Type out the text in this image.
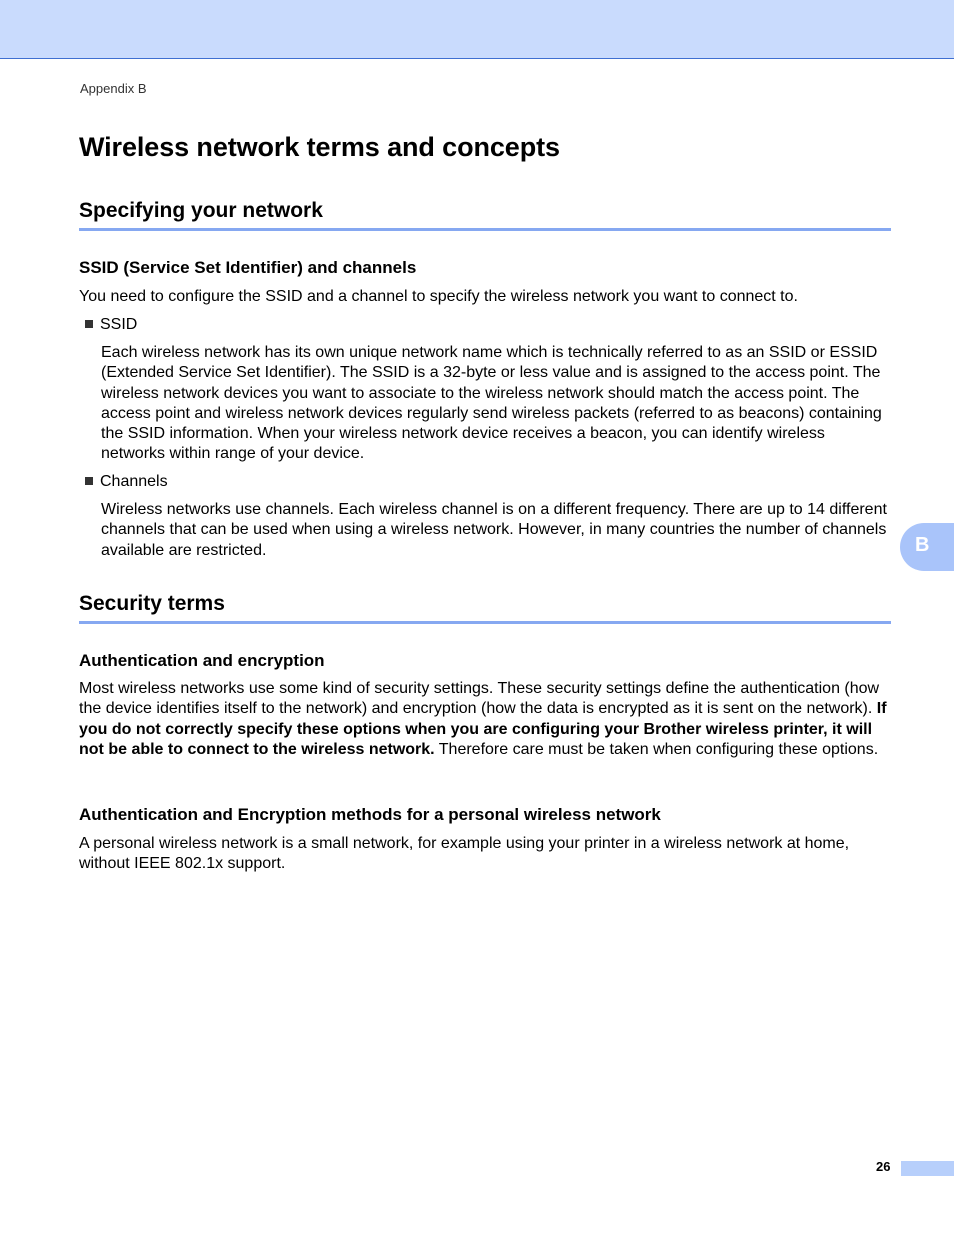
Appendix B
Wireless network terms and concepts
Specifying your network
SSID (Service Set Identifier) and channels

You need to configure the SSID and a channel to specify the wireless network you want to connect to.

SSID

Each wireless network has its own unique network name which is technically referred to as an SSID or ESSID (Extended Service Set Identifier). The SSID is a 32-byte or less value and is assigned to the access point. The wireless network devices you want to associate to the wireless network should match the access point. The access point and wireless network devices regularly send wireless packets (referred to as beacons) containing the SSID information. When your wireless network device receives a beacon, you can identify wireless networks within range of your device.

Channels

Wireless networks use channels. Each wireless channel is on a different frequency. There are up to 14 different channels that can be used when using a wireless network. However, in many countries the number of channels available are restricted.

Security terms
Authentication and encryption

Most wireless networks use some kind of security settings. These security settings define the authentication (how the device identifies itself to the network) and encryption (how the data is encrypted as it is sent on the network). If you do not correctly specify these options when you are configuring your Brother wireless printer, it will not be able to connect to the wireless network. Therefore care must be taken when configuring these options.

Authentication and Encryption methods for a personal wireless network

A personal wireless network is a small network, for example using your printer in a wireless network at home, without IEEE 802.1x support.

B
26
